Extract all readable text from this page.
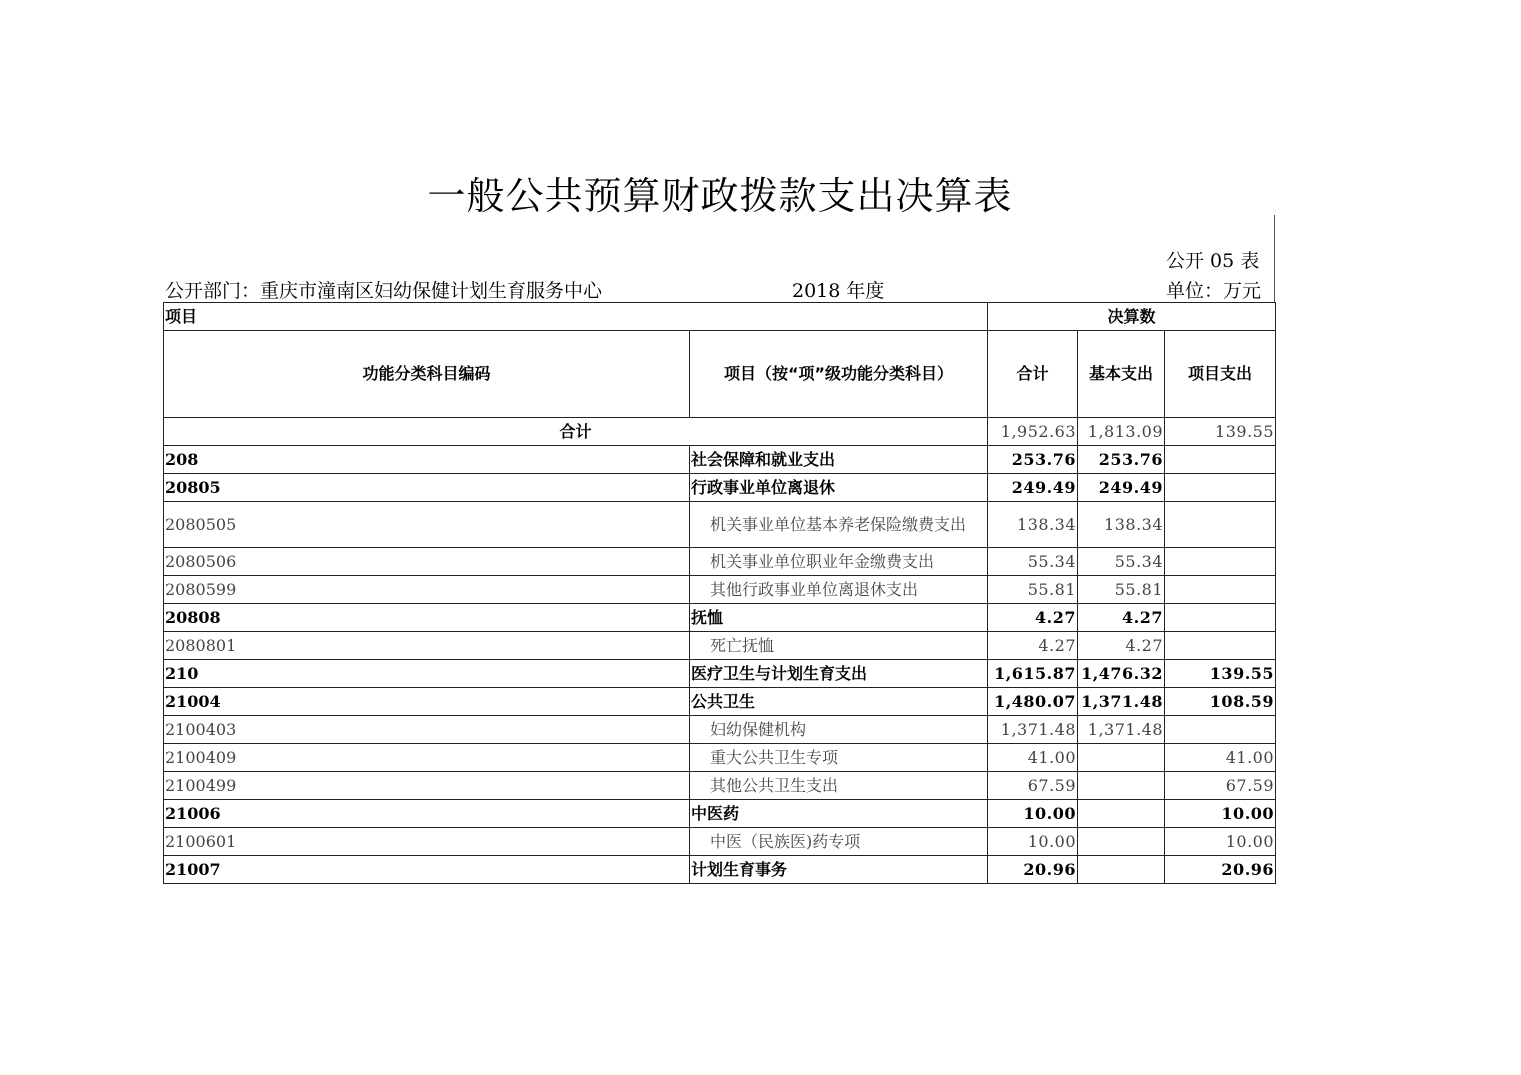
一般公共预算财政拨款支出决算表
公开 05 表
公开部门：重庆市潼南区妇幼保健计划生育服务中心	2018 年度	单位：万元
项目		决算数		
功能分类科目编码	项目（按“项”级功能分类科目）	合计	基本支出	项目支出
合计		1,952.63	1,813.09	139.55
208	社会保障和就业支出	253.76	253.76	
20805	行政事业单位离退休	249.49	249.49	
2080505	机关事业单位基本养老保险缴费支出	138.34	138.34	
2080506	机关事业单位职业年金缴费支出	55.34	55.34	
2080599	其他行政事业单位离退休支出	55.81	55.81	
20808	抚恤	4.27	4.27	
2080801	死亡抚恤	4.27	4.27	
210	医疗卫生与计划生育支出	1,615.87	1,476.32	139.55
21004	公共卫生	1,480.07	1,371.48	108.59
2100403	妇幼保健机构	1,371.48	1,371.48	
2100409	重大公共卫生专项	41.00		41.00
2100499	其他公共卫生支出	67.59		67.59
21006	中医药	10.00		10.00
2100601	中医（民族医)药专项	10.00		10.00
21007	计划生育事务	20.96		20.96
